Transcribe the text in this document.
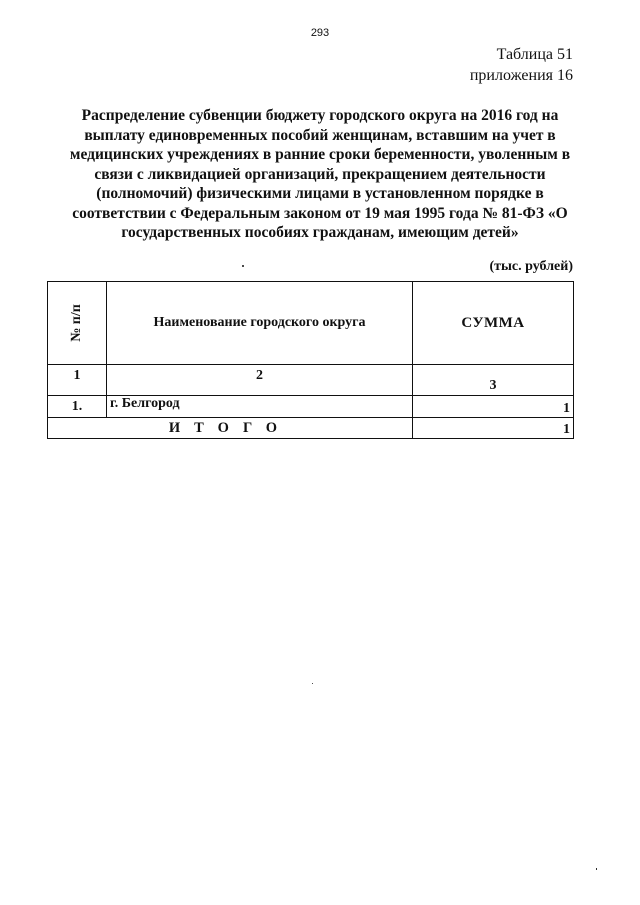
293
Таблица 51
приложения 16
Распределение субвенции бюджету городского округа на 2016 год на
выплату единовременных пособий женщинам, вставшим на учет в
медицинских учреждениях в ранние сроки беременности, уволенным в
связи с ликвидацией организаций, прекращением деятельности
(полномочий) физическими лицами в установленном порядке в
соответствии с Федеральным законом от 19 мая 1995 года № 81-ФЗ «О
государственных пособиях гражданам, имеющим детей»
(тыс. рублей)
№ п/п	Наименование городского округа	СУММА
1	2	3
1.	г. Белгород	1
ИТОГО		1
